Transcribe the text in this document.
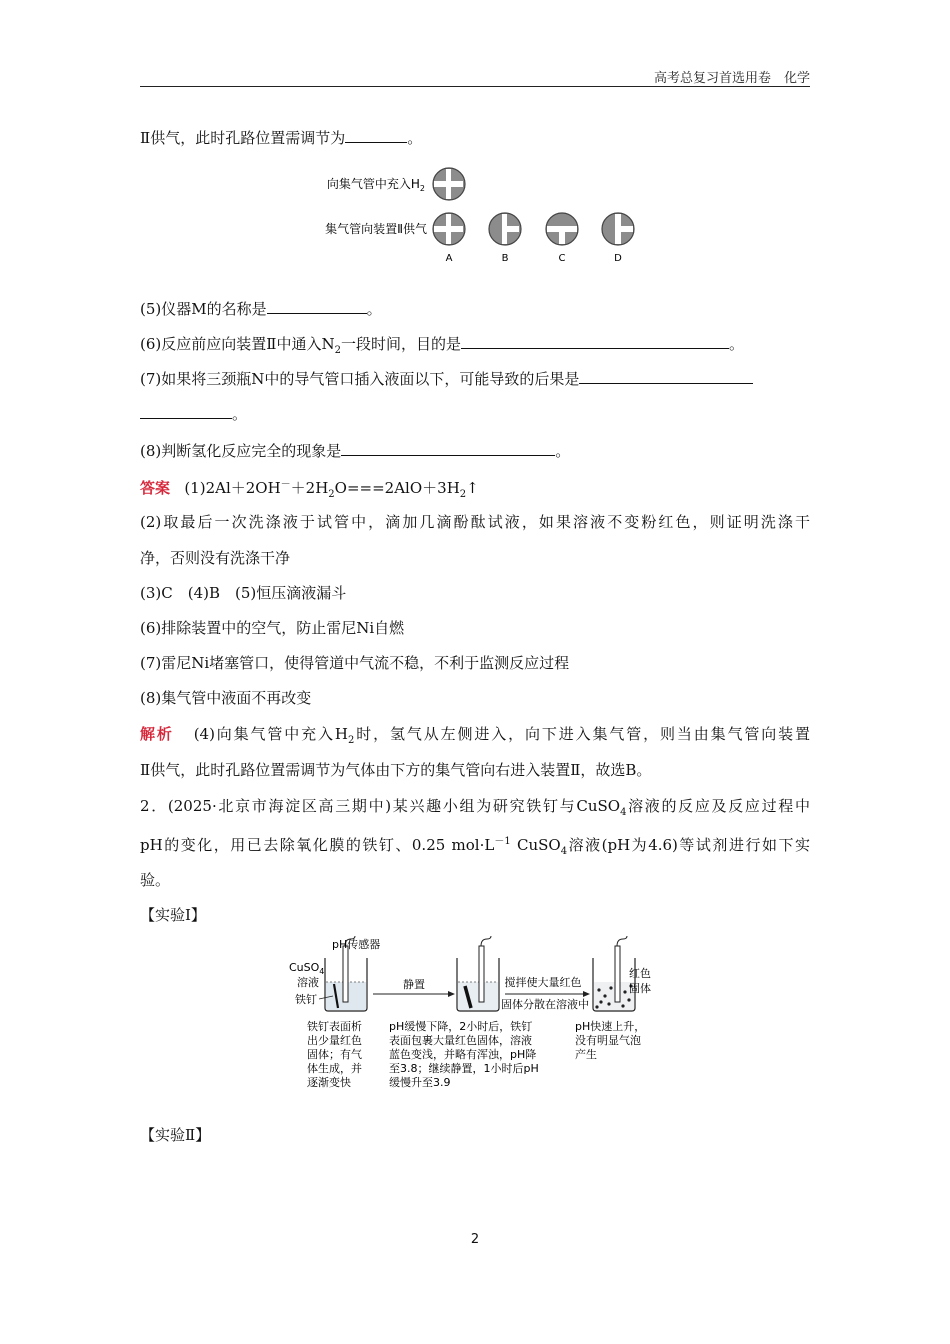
高考总复习首选用卷　化学
Ⅱ供气，此时孔路位置需调节为	。
向集气管中充入$H_2$
集气管向装置Ⅱ供气
A	B	C	D
(5)仪器M的名称是	。
(6)反应前应向装置Ⅱ中通入$N_2$一段时间，目的是	。
(7)如果将三颈瓶N中的导气管口插入液面以下，可能导致的后果是
。
(8)判断氢化反应完全的现象是	。
答案 $(1)2Al+2OH^-+2H_2O===2AlO+3H_2↑$
(2)取最后一次洗涤液于试管中，滴加几滴酚酞试液，如果溶液不变粉红色，则证明洗涤干
净，否则没有洗涤干净
(3)C　(4)B　(5)恒压滴液漏斗
(6)排除装置中的空气，防止雷尼Ni自燃
(7)雷尼Ni堵塞管口，使得管道中气流不稳，不利于监测反应过程
(8)集气管中液面不再改变
解析 (4)向集气管中充入$H_2$时，氢气从左侧进入，向下进入集气管，则当由集气管向装置
Ⅱ供气，此时孔路位置需调节为气体由下方的集气管向右进入装置Ⅱ，故选B。
2．(2025·北京市海淀区高三期中)某兴趣小组为研究铁钉与CuSO$_4$溶液的反应及反应过程中
pH的变化，用已去除氧化膜的铁钉、0.25 $mol\cdot L^{-1}$ CuSO$_4$溶液(pH为4.6)等试剂进行如下实
验。
【实验Ⅰ】
pH传感器
CuSO$_4$
溶液
铁钉
静置	搅拌使大量红色
固体分散在溶液中
红色
固体
铁钉表面析
出少量红色
固体；有气
体生成，并
逐渐变快
pH缓慢下降，2小时后，铁钉
表面包裹大量红色固体，溶液
蓝色变浅，并略有浑浊，pH降
至3.8；继续静置，1小时后pH
缓慢升至3.9
pH快速上升，
没有明显气泡
产生
【实验Ⅱ】
2
